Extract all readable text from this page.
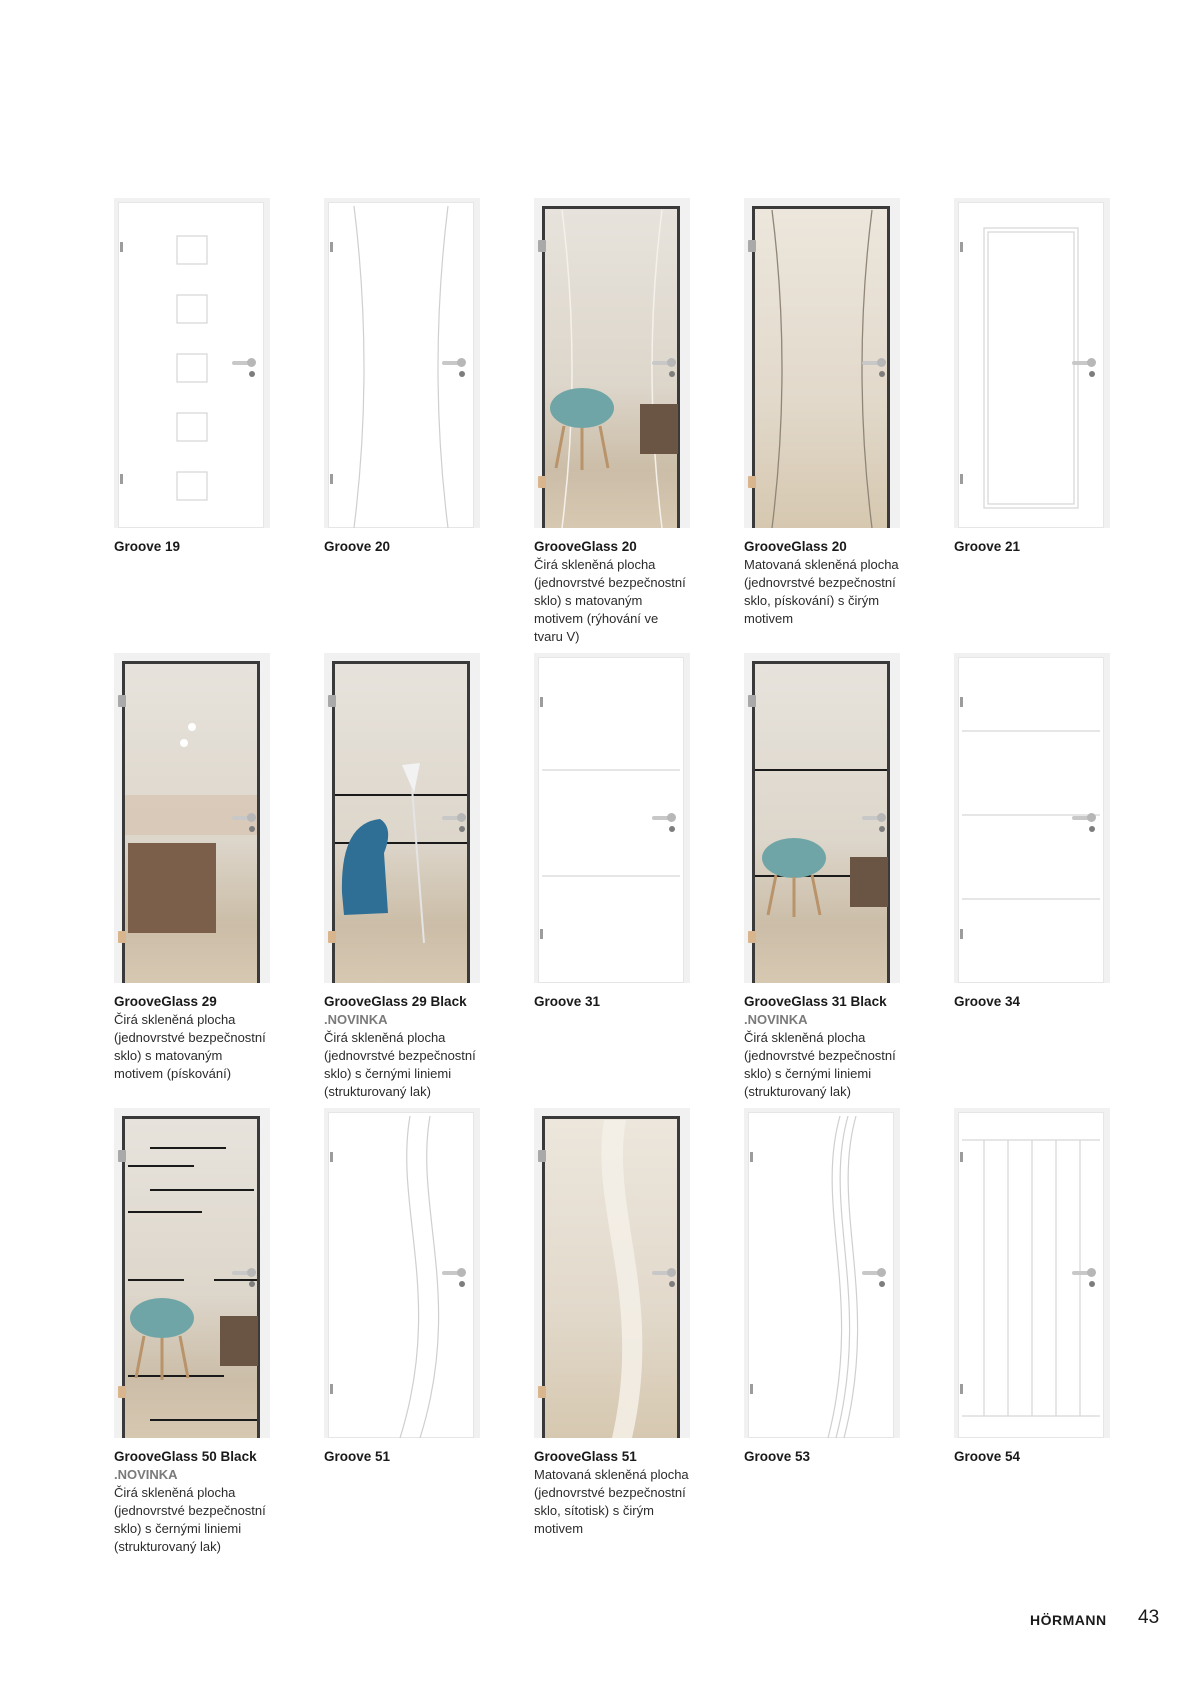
Groove 19	Groove 20	GrooveGlass 20
Čirá skleněná plocha
(jednovrstvé bezpečnostní
sklo) s matovaným
motivem (rýhování ve
tvaru V)
GrooveGlass 20
Matovaná skleněná plocha
(jednovrstvé bezpečnostní
sklo, pískování) s čirým
motivem
Groove 21
GrooveGlass 29
Čirá skleněná plocha
(jednovrstvé bezpečnostní
sklo) s matovaným
motivem (pískování)
GrooveGlass 29 Black
.NOVINKA
Čirá skleněná plocha
(jednovrstvé bezpečnostní
sklo) s černými liniemi
(strukturovaný lak)
Groove 31	GrooveGlass 31 Black
.NOVINKA
Čirá skleněná plocha
(jednovrstvé bezpečnostní
sklo) s černými liniemi
(strukturovaný lak)
Groove 34
GrooveGlass 50 Black
.NOVINKA
Čirá skleněná plocha
(jednovrstvé bezpečnostní
sklo) s černými liniemi
(strukturovaný lak)
Groove 51	GrooveGlass 51
Matovaná skleněná plocha
(jednovrstvé bezpečnostní
sklo, sítotisk) s čirým
motivem
Groove 53	Groove 54
HÖRMANN 43
